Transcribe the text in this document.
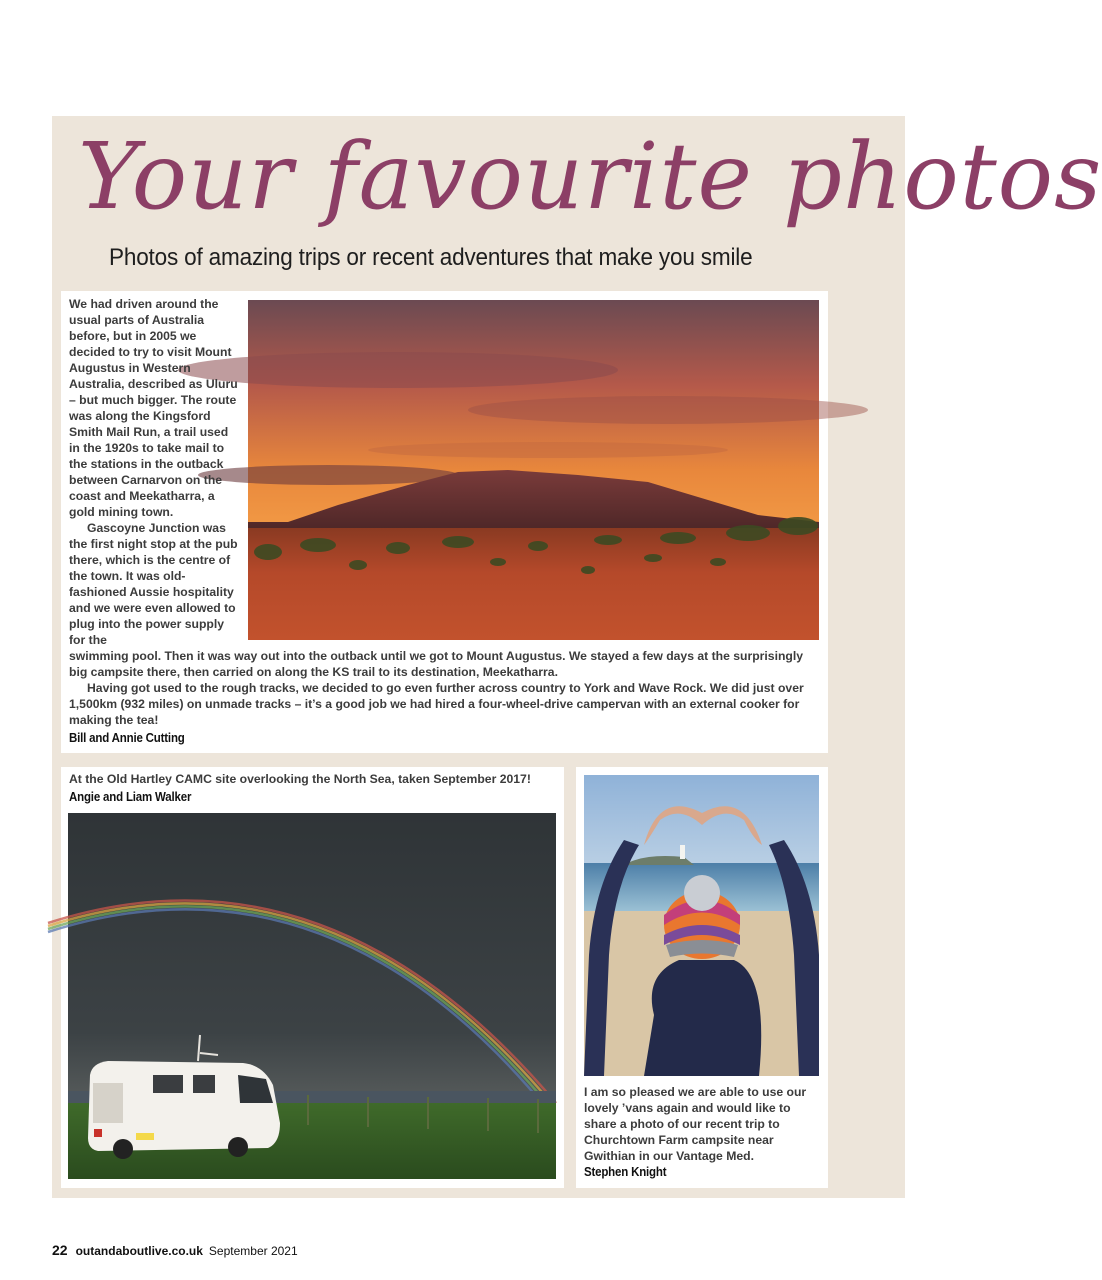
Your favourite photos
Photos of amazing trips or recent adventures that make you smile

We had driven around the usual parts of Australia before, but in 2005 we decided to try to visit Mount Augustus in Western Australia, described as Uluru – but much bigger. The route was along the Kingsford Smith Mail Run, a trail used in the 1920s to take mail to the stations in the outback between Carnarvon on the coast and Meekatharra, a gold mining town.

Gascoyne Junction was the first night stop at the pub there, which is the centre of the town. It was old-fashioned Aussie hospitality and we were even allowed to plug into the power supply for the

swimming pool. Then it was way out into the outback until we got to Mount Augustus. We stayed a few days at the surprisingly big campsite there, then carried on along the KS trail to its destination, Meekatharra.

Having got used to the rough tracks, we decided to go even further across country to York and Wave Rock. We did just over 1,500km (932 miles) on unmade tracks – it’s a good job we had hired a four-wheel-drive campervan with an external cooker for making the tea!

Bill and Annie Cutting

At the Old Hartley CAMC site overlooking the North Sea, taken September 2017!

Angie and Liam Walker

I am so pleased we are able to use our lovely ’vans again and would like to share a photo of our recent trip to Churchtown Farm campsite near Gwithian in our Vantage Med.

Stephen Knight
22 outandaboutlive.co.uk September 2021
